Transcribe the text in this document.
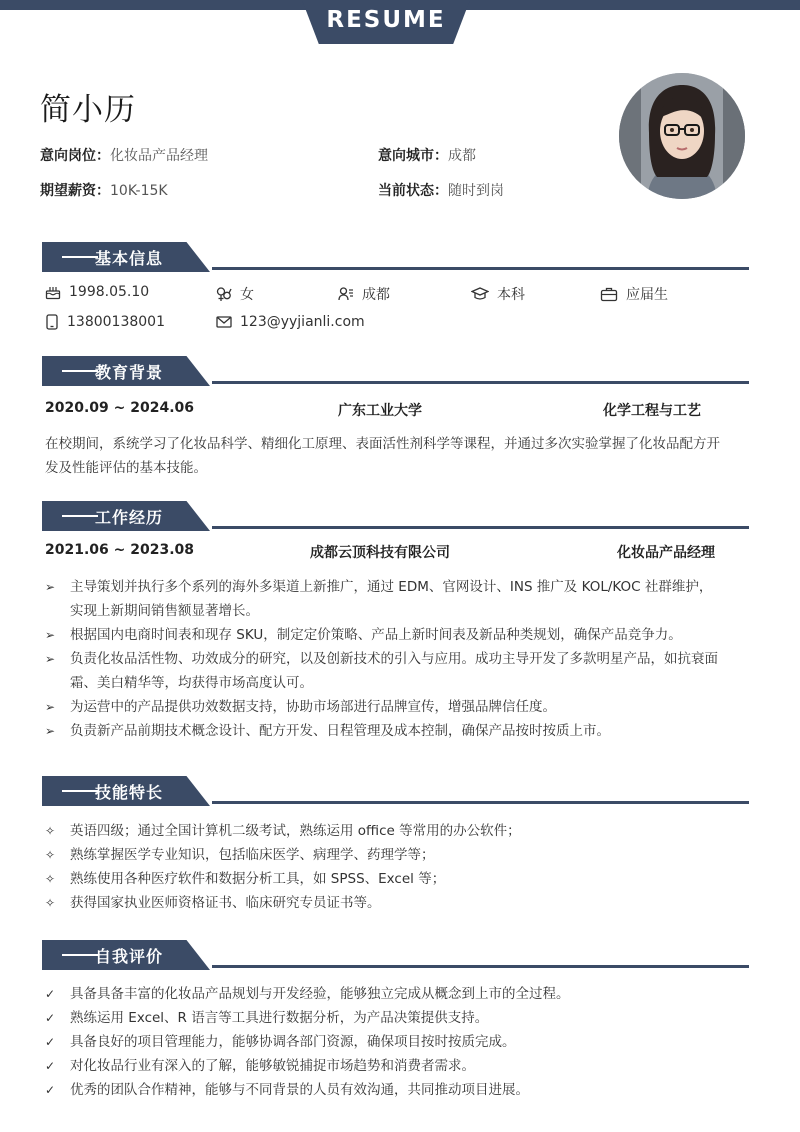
RESUME
简小历
意向岗位：化妆品产品经理	意向城市：成都
期望薪资：10K-15K	当前状态：随时到岗
基本信息
1998.05.10	女	成都	本科	应届生
13800138001	123@yyjianli.com
教育背景
2020.09 ~ 2024.06	广东工业大学	化学工程与工艺
在校期间，系统学习了化妆品科学、精细化工原理、表面活性剂科学等课程，并通过多次实验掌握了化妆品配方开发及性能评估的基本技能。
工作经历
2021.06 ~ 2023.08	成都云顶科技有限公司	化妆品产品经理
➢	主导策划并执行多个系列的海外多渠道上新推广，通过 EDM、官网设计、INS 推广及 KOL/KOC 社群维护，实现上新期间销售额显著增长。
➢	根据国内电商时间表和现存 SKU，制定定价策略、产品上新时间表及新品种类规划，确保产品竞争力。
➢	负责化妆品活性物、功效成分的研究，以及创新技术的引入与应用。成功主导开发了多款明星产品，如抗衰面霜、美白精华等，均获得市场高度认可。
➢	为运营中的产品提供功效数据支持，协助市场部进行品牌宣传，增强品牌信任度。
➢	负责新产品前期技术概念设计、配方开发、日程管理及成本控制，确保产品按时按质上市。
技能特长
✧	英语四级；通过全国计算机二级考试，熟练运用 office 等常用的办公软件；
✧	熟练掌握医学专业知识，包括临床医学、病理学、药理学等；
✧	熟练使用各种医疗软件和数据分析工具，如 SPSS、Excel 等；
✧	获得国家执业医师资格证书、临床研究专员证书等。
自我评价
✓	具备具备丰富的化妆品产品规划与开发经验，能够独立完成从概念到上市的全过程。
✓	熟练运用 Excel、R 语言等工具进行数据分析，为产品决策提供支持。
✓	具备良好的项目管理能力，能够协调各部门资源，确保项目按时按质完成。
✓	对化妆品行业有深入的了解，能够敏锐捕捉市场趋势和消费者需求。
✓	优秀的团队合作精神，能够与不同背景的人员有效沟通，共同推动项目进展。
